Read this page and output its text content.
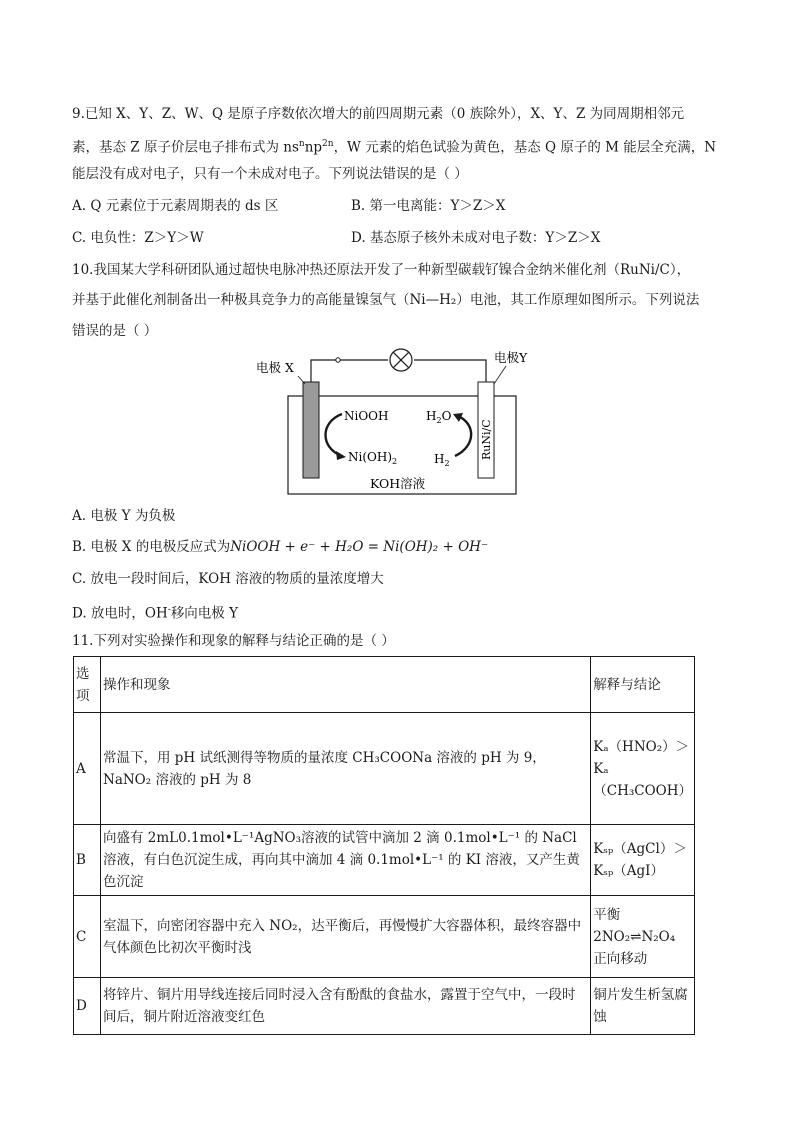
9.已知 X、Y、Z、W、Q 是原子序数依次增大的前四周期元素（0 族除外），X、Y、Z 为同周期相邻元
素，基态 Z 原子价层电子排布式为 $ns^nnp^{2n}$，W 元素的焰色试验为黄色，基态 Q 原子的 M 能层全充满，N
能层没有成对电子，只有一个未成对电子。下列说法错误的是（ ）
A. Q 元素位于元素周期表的 ds 区	B. 第一电离能：Y＞Z＞X
C. 电负性：Z＞Y＞W	D. 基态原子核外未成对电子数：Y＞Z＞X
10.我国某大学科研团队通过超快电脉冲热还原法开发了一种新型碳载钌镍合金纳米催化剂（RuNi/C），
并基于此催化剂制备出一种极具竞争力的高能量镍氢气（Ni—H₂）电池，其工作原理如图所示。下列说法
错误的是（ ）
RuNi/C
电极 X
电极Y
NiOOH
$Ni(OH)_2$
$H_2O$
$H_2$
KOH溶液
A. 电极 Y 为负极
B. 电极 X 的电极反应式为NiOOH + e⁻ + H₂O = Ni(OH)₂ + OH⁻
C. 放电一段时间后，KOH 溶液的物质的量浓度增大
D. 放电时，OH-移向电极 Y
11.下列对实验操作和现象的解释与结论正确的是（ ）
选项	操作和现象	解释与结论
A	常温下，用 pH 试纸测得等物质的量浓度 CH₃COONa 溶液的 pH 为 9，NaNO₂ 溶液的 pH 为 8	Kₐ（HNO₂）＞Kₐ（CH₃COOH）
B	向盛有 2mL0.1mol•L⁻¹AgNO₃溶液的试管中滴加 2 滴 0.1mol•L⁻¹ 的 NaCl 溶液，有白色沉淀生成，再向其中滴加 4 滴 0.1mol•L⁻¹ 的 KI 溶液，又产生黄色沉淀	Kₛₚ（AgCl）＞Kₛₚ（AgI）
C	室温下，向密闭容器中充入 NO₂，达平衡后，再慢慢扩大容器体积，最终容器中气体颜色比初次平衡时浅	平衡 2NO₂⇌N₂O₄ 正向移动
D	将锌片、铜片用导线连接后同时浸入含有酚酞的食盐水，露置于空气中，一段时间后，铜片附近溶液变红色	铜片发生析氢腐蚀
